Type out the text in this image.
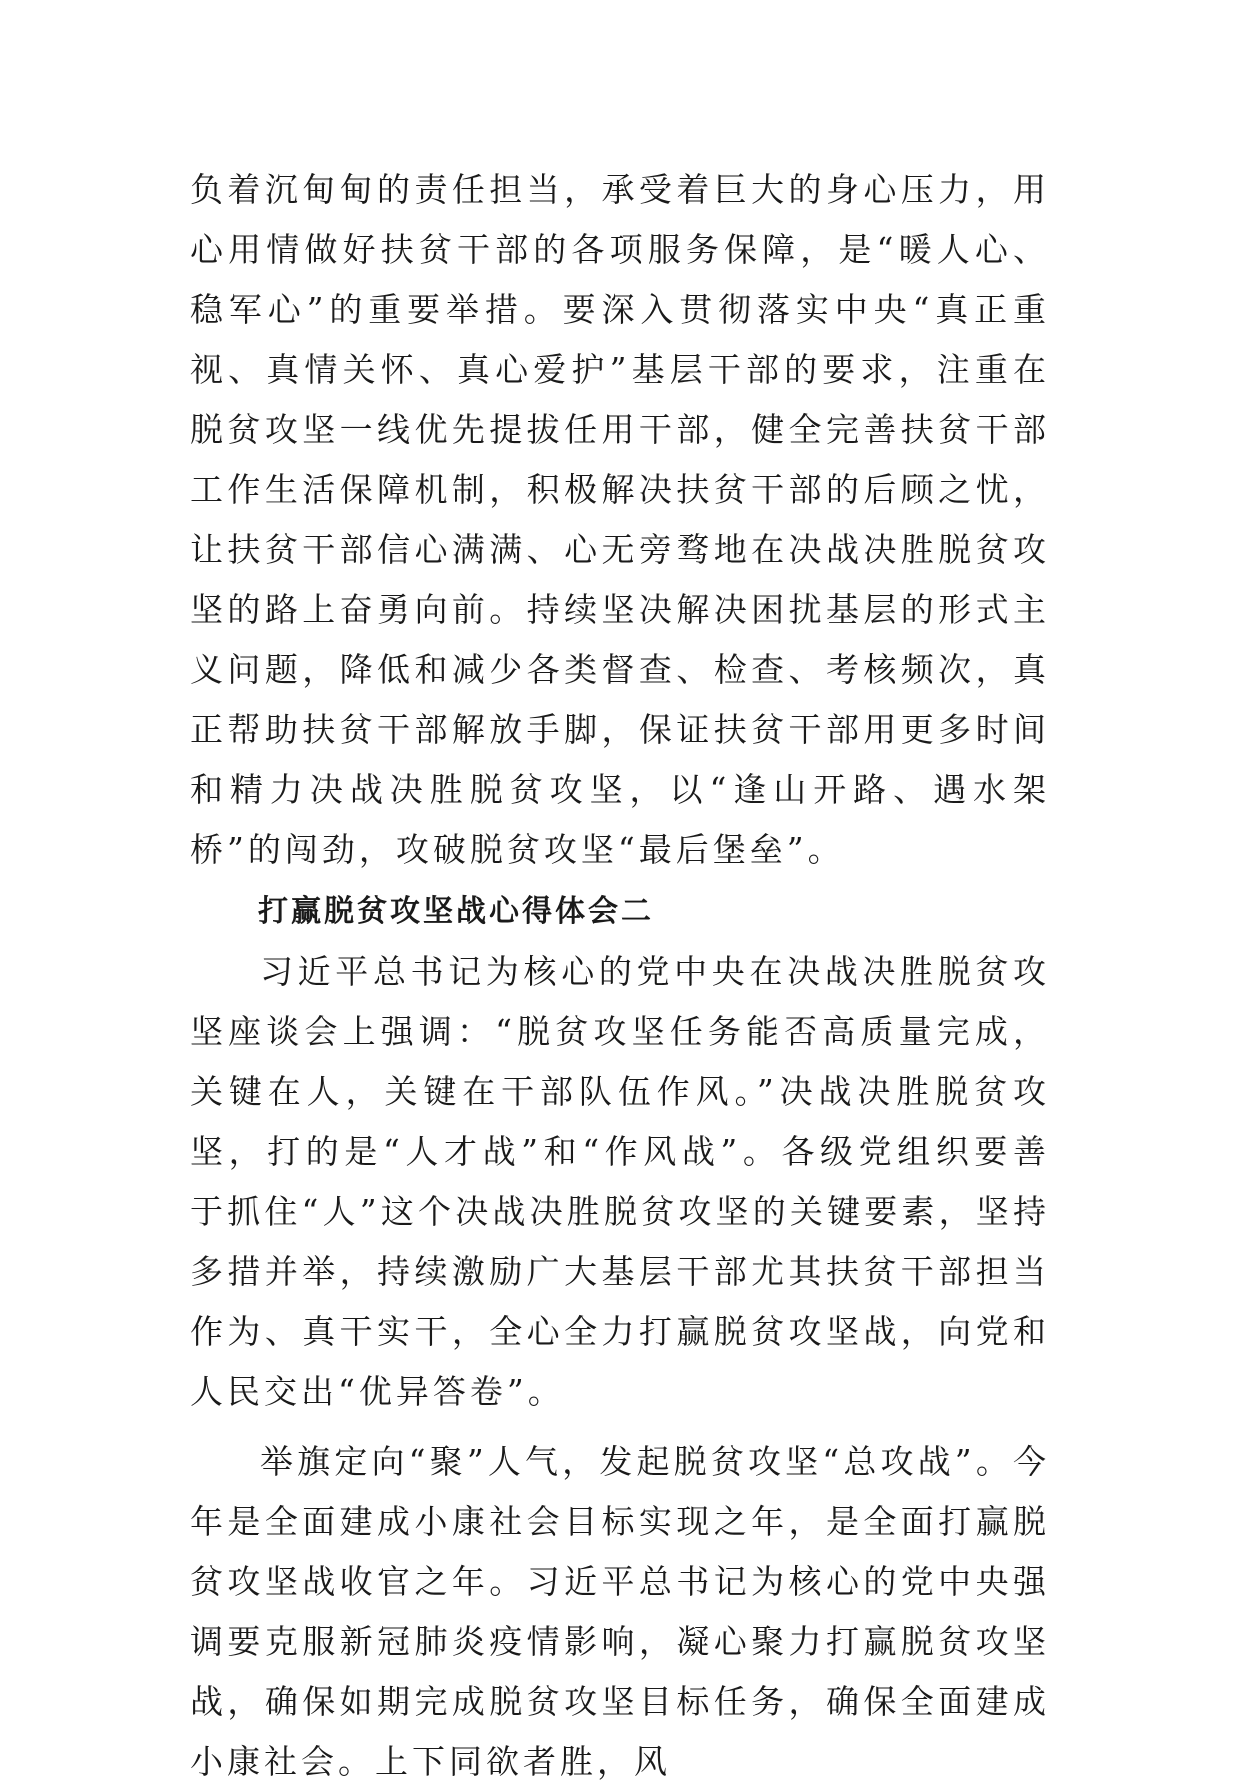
负着沉甸甸的责任担当，承受着巨大的身心压力，用心用情做好扶贫干部的各项服务保障，是“暖人心、稳军心”的重要举措。要深入贯彻落实中央“真正重视、真情关怀、真心爱护”基层干部的要求，注重在脱贫攻坚一线优先提拔任用干部，健全完善扶贫干部工作生活保障机制，积极解决扶贫干部的后顾之忧，让扶贫干部信心满满、心无旁骛地在决战决胜脱贫攻坚的路上奋勇向前。持续坚决解决困扰基层的形式主义问题，降低和减少各类督查、检查、考核频次，真正帮助扶贫干部解放手脚，保证扶贫干部用更多时间和精力决战决胜脱贫攻坚，以“逢山开路、遇水架桥”的闯劲，攻破脱贫攻坚“最后堡垒”。

打赢脱贫攻坚战心得体会二

习近平总书记为核心的党中央在决战决胜脱贫攻坚座谈会上强调：“脱贫攻坚任务能否高质量完成，关键在人，关键在干部队伍作风。”决战决胜脱贫攻坚，打的是“人才战”和“作风战”。各级党组织要善于抓住“人”这个决战决胜脱贫攻坚的关键要素，坚持多措并举，持续激励广大基层干部尤其扶贫干部担当作为、真干实干，全心全力打赢脱贫攻坚战，向党和人民交出“优异答卷”。

举旗定向“聚”人气，发起脱贫攻坚“总攻战”。今年是全面建成小康社会目标实现之年，是全面打赢脱贫攻坚战收官之年。习近平总书记为核心的党中央强调要克服新冠肺炎疫情影响，凝心聚力打赢脱贫攻坚战，确保如期完成脱贫攻坚目标任务，确保全面建成小康社会。上下同欲者胜，风
